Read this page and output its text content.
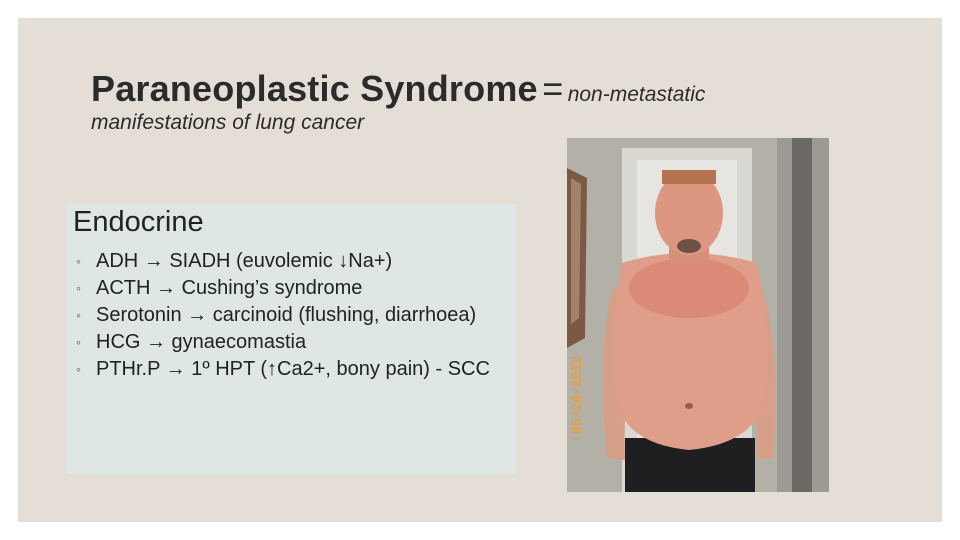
Paraneoplastic Syndrome = non-metastatic
manifestations of lung cancer
Endocrine
◦ ADH → SIADH (euvolemic ↓Na+)
◦ ACTH → Cushing’s syndrome
◦ Serotonin → carcinoid (flushing, diarrhoea)
◦ HCG → gynaecomastia
◦ PTHr.P → 1º HPT (↑Ca2+, bony pain) - SCC	06/24/2012
